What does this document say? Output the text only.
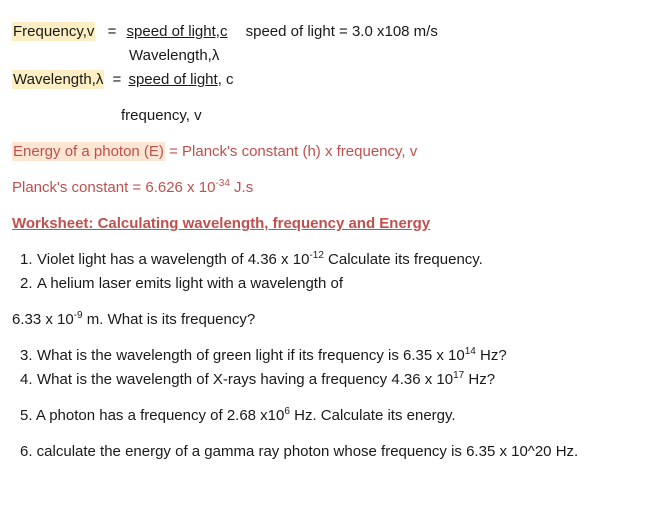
Frequency,v = speed of light,c speed of light = 3.0 x108 m/s
Wavelength,λ
Wavelength,λ = speed of light, c
frequency, v
Energy of a photon (E) = Planck's constant (h) x frequency, v
Planck's constant = 6.626 x $10^{-34}$ J.s
Worksheet: Calculating wavelength, frequency and Energy
1. Violet light has a wavelength of 4.36 x $10^{-12}$ Calculate its frequency.
2. A helium laser emits light with a wavelength of
6.33 x $10^{-9}$ m. What is its frequency?
3. What is the wavelength of green light if its frequency is 6.35 x $10^{14}$ Hz?
4. What is the wavelength of X-rays having a frequency 4.36 x $10^{17}$ Hz?
5. A photon has a frequency of 2.68 $x10^6$ Hz. Calculate its energy.
6. calculate the energy of a gamma ray photon whose frequency is 6.35 x 10^20 Hz.
